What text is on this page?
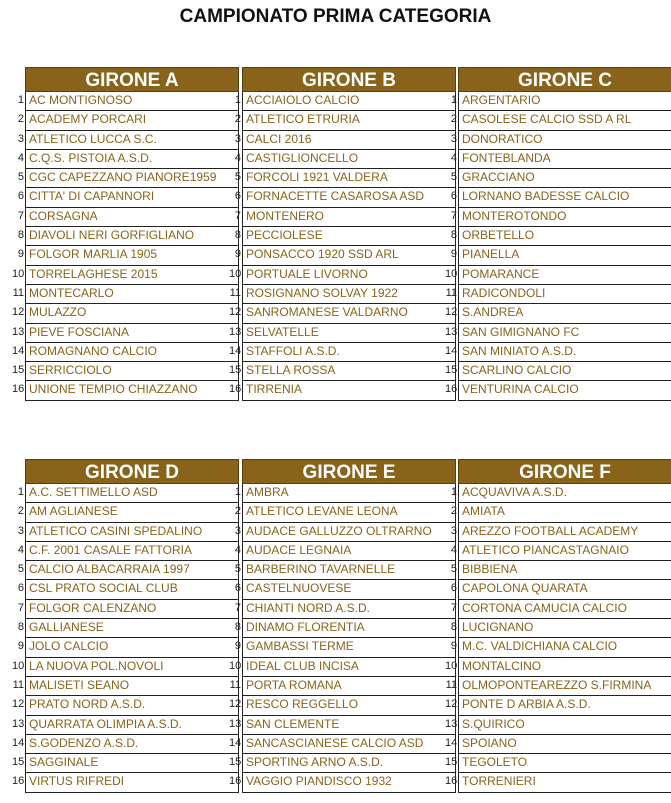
CAMPIONATO PRIMA CATEGORIA
GIRONE A
1 AC MONTIGNOSO
2 ACADEMY PORCARI
3 ATLETICO LUCCA S.C.
4 C.Q.S. PISTOIA A.S.D.
5 CGC CAPEZZANO PIANORE1959
6 CITTA' DI CAPANNORI
7 CORSAGNA
8 DIAVOLI NERI GORFIGLIANO
9 FOLGOR MARLIA 1905
10 TORRELAGHESE 2015
11 MONTECARLO
12 MULAZZO
13 PIEVE FOSCIANA
14 ROMAGNANO CALCIO
15 SERRICCIOLO
16 UNIONE TEMPIO CHIAZZANO
GIRONE B
1 ACCIAIOLO CALCIO
2 ATLETICO ETRURIA
3 CALCI 2016
4 CASTIGLIONCELLO
5 FORCOLI 1921 VALDERA
6 FORNACETTE CASAROSA ASD
7 MONTENERO
8 PECCIOLESE
9 PONSACCO 1920 SSD ARL
10 PORTUALE LIVORNO
11 ROSIGNANO SOLVAY 1922
12 SANROMANESE VALDARNO
13 SELVATELLE
14 STAFFOLI A.S.D.
15 STELLA ROSSA
16 TIRRENIA
GIRONE C
1 ARGENTARIO
2 CASOLESE CALCIO SSD A RL
3 DONORATICO
4 FONTEBLANDA
5 GRACCIANO
6 LORNANO BADESSE CALCIO
7 MONTEROTONDO
8 ORBETELLO
9 PIANELLA
10 POMARANCE
11 RADICONDOLI
12 S.ANDREA
13 SAN GIMIGNANO FC
14 SAN MINIATO A.S.D.
15 SCARLINO CALCIO
16 VENTURINA CALCIO
GIRONE D
1 A.C. SETTIMELLO ASD
2 AM AGLIANESE
3 ATLETICO CASINI SPEDALINO
4 C.F. 2001 CASALE FATTORIA
5 CALCIO ALBACARRAIA 1997
6 CSL PRATO SOCIAL CLUB
7 FOLGOR CALENZANO
8 GALLIANESE
9 JOLO CALCIO
10 LA NUOVA POL.NOVOLI
11 MALISETI SEANO
12 PRATO NORD A.S.D.
13 QUARRATA OLIMPIA A.S.D.
14 S.GODENZO A.S.D.
15 SAGGINALE
16 VIRTUS RIFREDI
GIRONE E
1 AMBRA
2 ATLETICO LEVANE LEONA
3 AUDACE GALLUZZO OLTRARNO
4 AUDACE LEGNAIA
5 BARBERINO TAVARNELLE
6 CASTELNUOVESE
7 CHIANTI NORD A.S.D.
8 DINAMO FLORENTIA
9 GAMBASSI TERME
10 IDEAL CLUB INCISA
11 PORTA ROMANA
12 RESCO REGGELLO
13 SAN CLEMENTE
14 SANCASCIANESE CALCIO ASD
15 SPORTING ARNO A.S.D.
16 VAGGIO PIANDISCO 1932
GIRONE F
1 ACQUAVIVA A.S.D.
2 AMIATA
3 AREZZO FOOTBALL ACADEMY
4 ATLETICO PIANCASTAGNAIO
5 BIBBIENA
6 CAPOLONA QUARATA
7 CORTONA CAMUCIA CALCIO
8 LUCIGNANO
9 M.C. VALDICHIANA CALCIO
10 MONTALCINO
11 OLMOPONTEAREZZO S.FIRMINA
12 PONTE D ARBIA A.S.D.
13 S.QUIRICO
14 SPOIANO
15 TEGOLETO
16 TORRENIERI
